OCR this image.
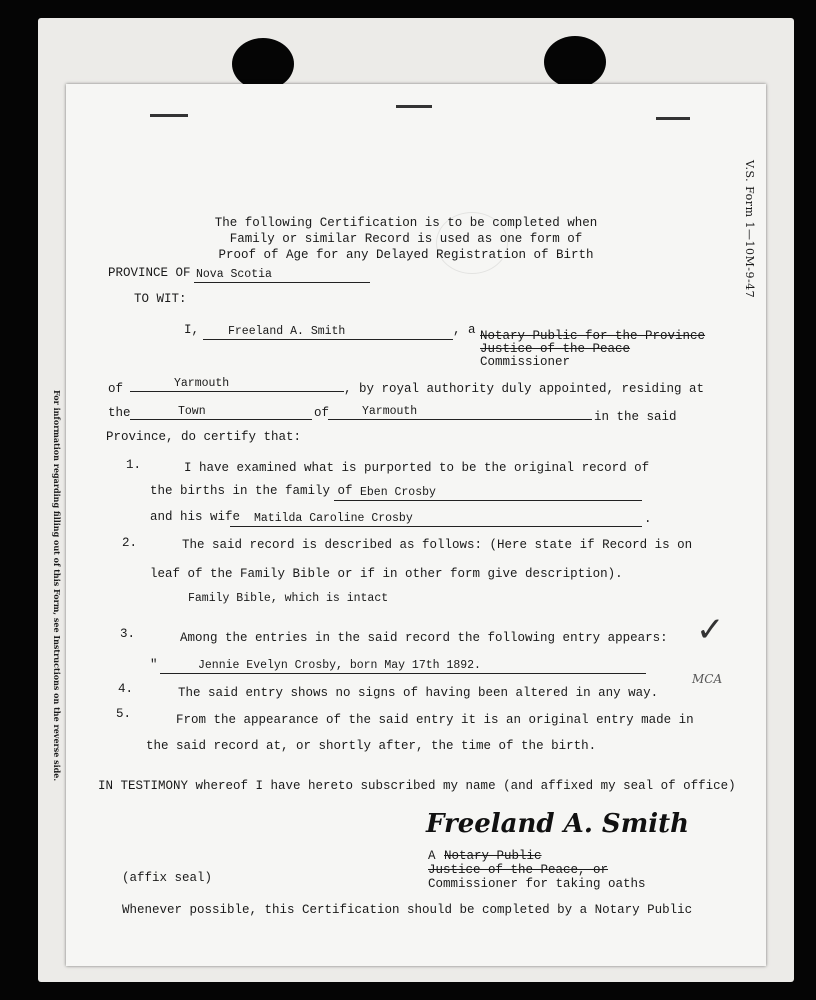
V.S. Form 1—10M-9-47
For information regarding filling out of this Form, see Instructions on the reverse side.
The following Certification is to be completed when
Family or similar Record is used as one form of
Proof of Age for any Delayed Registration of Birth
PROVINCE OF Nova Scotia
TO WIT:
I,	Freeland A. Smith	, a Notary Public for the Province
Justice of the Peace
Commissioner
of	Yarmouth	, by royal authority duly appointed, residing at
the	Town	of	Yarmouth	in the said
Province, do certify that:
1.	I have examined what is purported to be the original record of
the births in the family of Eben Crosby
and his wife	Matilda Caroline Crosby	.
2.	The said record is described as follows: (Here state if Record is on
leaf of the Family Bible or if in other form give description).
Family Bible, which is intact
3.	Among the entries in the said record the following entry appears:
"	Jennie Evelyn Crosby, born May 17th 1892.
4.	The said entry shows no signs of having been altered in any way.
5.	From the appearance of the said entry it is an original entry made in
the said record at, or shortly after, the time of the birth.
IN TESTIMONY whereof I have hereto subscribed my name (and affixed my seal of office)
Freeland A. Smith
A Notary Public
Justice of the Peace, or
Commissioner for taking oaths
(affix seal)
Whenever possible, this Certification should be completed by a Notary Public
✓
MCA
